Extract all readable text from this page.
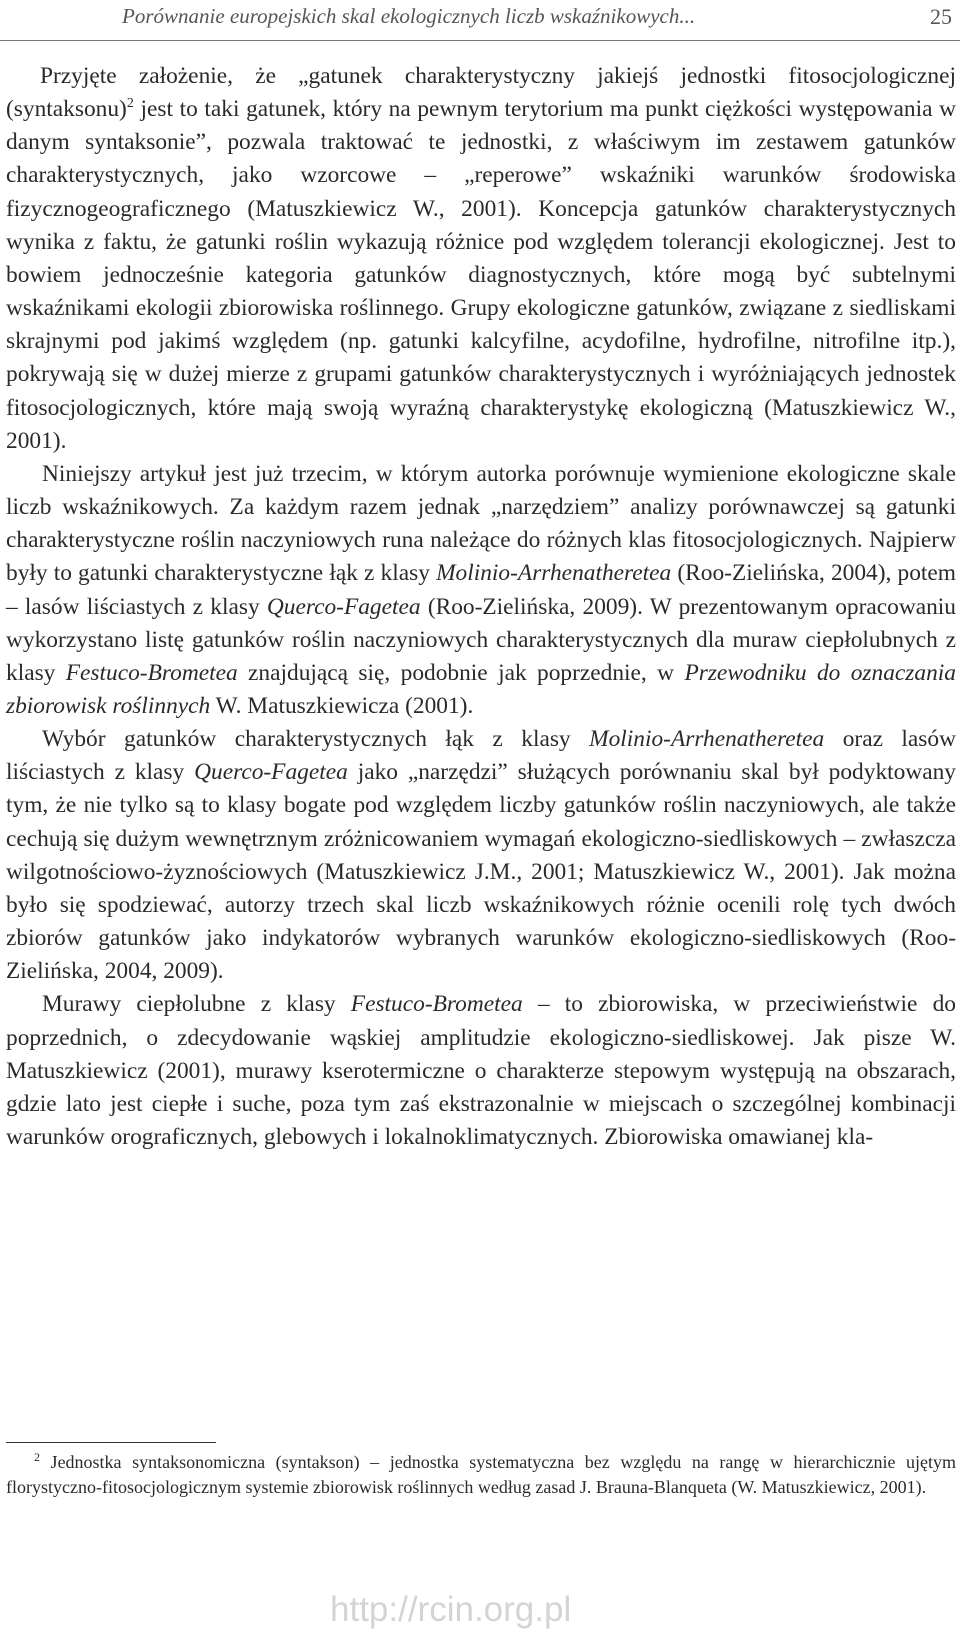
Porównanie europejskich skal ekologicznych liczb wskaźnikowych...	25

Przyjęte założenie, że „gatunek charakterystyczny jakiejś jednostki fitosocjologicznej (syntaksonu)$^2$ jest to taki gatunek, który na pewnym terytorium ma punkt ciężkości występowania w danym syntaksonie”, pozwala traktować te jednostki, z właściwym im zestawem gatunków charakterystycznych, jako wzorcowe – „reperowe” wskaźniki warunków środowiska fizycznogeograficznego (Matuszkiewicz W., 2001). Koncepcja gatunków charakterystycznych wynika z faktu, że gatunki roślin wykazują różnice pod względem tolerancji ekologicznej. Jest to bowiem jednocześnie kategoria gatunków diagnostycznych, które mogą być subtelnymi wskaźnikami ekologii zbiorowiska roślinnego. Grupy ekologiczne gatunków, związane z siedliskami skrajnymi pod jakimś względem (np. gatunki kalcyfilne, acydofilne, hydrofilne, nitrofilne itp.), pokrywają się w dużej mierze z grupami gatunków charakterystycznych i wyróżniających jednostek fitosocjologicznych, które mają swoją wyraźną charakterystykę ekologiczną (Matuszkiewicz W., 2001).

Niniejszy artykuł jest już trzecim, w którym autorka porównuje wymienione ekologiczne skale liczb wskaźnikowych. Za każdym razem jednak „narzędziem” analizy porównawczej są gatunki charakterystyczne roślin naczyniowych runa należące do różnych klas fitosocjologicznych. Najpierw były to gatunki charakterystyczne łąk z klasy Molinio-Arrhenatheretea (Roo-Zielińska, 2004), potem – lasów liściastych z klasy Querco-Fagetea (Roo-Zielińska, 2009). W prezentowanym opracowaniu wykorzystano listę gatunków roślin naczyniowych charakterystycznych dla muraw ciepłolubnych z klasy Festuco-Brometea znajdującą się, podobnie jak poprzednie, w Przewodniku do oznaczania zbiorowisk roślinnych W. Matuszkiewicza (2001).

Wybór gatunków charakterystycznych łąk z klasy Molinio-Arrhenatheretea oraz lasów liściastych z klasy Querco-Fagetea jako „narzędzi” służących porównaniu skal był podyktowany tym, że nie tylko są to klasy bogate pod względem liczby gatunków roślin naczyniowych, ale także cechują się dużym wewnętrznym zróżnicowaniem wymagań ekologiczno-siedliskowych – zwłaszcza wilgotnościowo-żyznościowych (Matuszkiewicz J.M., 2001; Matuszkiewicz W., 2001). Jak można było się spodziewać, autorzy trzech skal liczb wskaźnikowych różnie ocenili rolę tych dwóch zbiorów gatunków jako indykatorów wybranych warunków ekologiczno-siedliskowych (Roo-Zielińska, 2004, 2009).

Murawy ciepłolubne z klasy Festuco-Brometea – to zbiorowiska, w przeciwieństwie do poprzednich, o zdecydowanie wąskiej amplitudzie ekologiczno-siedliskowej. Jak pisze W. Matuszkiewicz (2001), murawy kserotermiczne o charakterze stepowym występują na obszarach, gdzie lato jest ciepłe i suche, poza tym zaś ekstrazonalnie w miejscach o szczególnej kombinacji warunków orograficznych, glebowych i lokalnoklimatycznych. Zbiorowiska omawianej kla-

$^2$ Jednostka syntaksonomiczna (syntakson) – jednostka systematyczna bez względu na rangę w hierarchicznie ujętym florystyczno-fitosocjologicznym systemie zbiorowisk roślinnych według zasad J. Brauna-Blanqueta (W. Matuszkiewicz, 2001).

http://rcin.org.pl
